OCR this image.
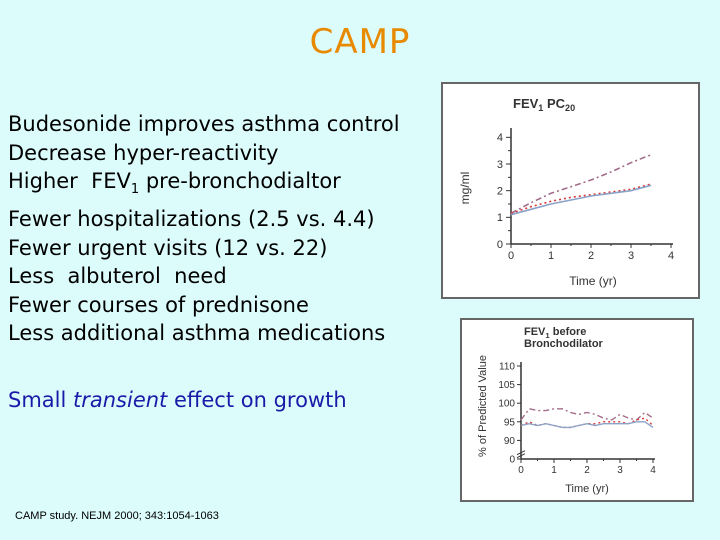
CAMP
Budesonide improves asthma control
Decrease hyper-reactivity
Higher  $FEV_1$ pre-bronchodialtor
Fewer hospitalizations (2.5 vs. 4.4)
Fewer urgent visits (12 vs. 22)
Less  albuterol  need
Fewer courses of prednisone
Less additional asthma medications
Small transient effect on growth
CAMP study. NEJM 2000; 343:1054-1063
$FEV_1$ $PC_{20}$
0	1	2	3	4
0
1
2
3
4
Time (yr)
mg/ml
$FEV_1$ before
Bronchodilator
0	1	2	3	4
110
105
100
95
90
0
Time (yr)
% of Predicted Value
